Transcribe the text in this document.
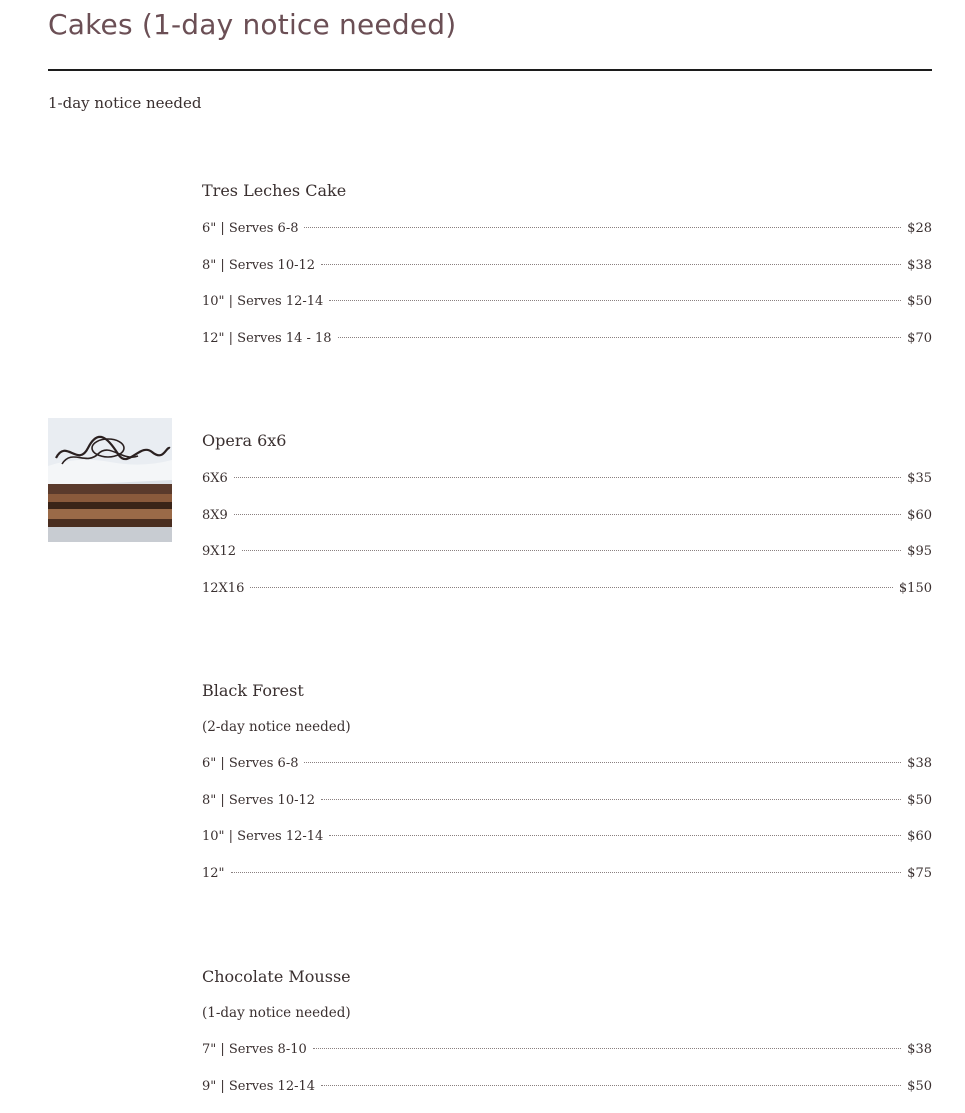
Cakes (1-day notice needed)
1-day notice needed
Tres Leches Cake
6" | Serves 6-8	$28
8" | Serves 10-12	$38
10" | Serves 12-14	$50
12" | Serves 14 - 18	$70
Opera 6x6
6X6	$35
8X9	$60
9X12	$95
12X16	$150
Black Forest
(2-day notice needed)
6" | Serves 6-8	$38
8" | Serves 10-12	$50
10" | Serves 12-14	$60
12"	$75
Chocolate Mousse
(1-day notice needed)
7" | Serves 8-10	$38
9" | Serves 12-14	$50
